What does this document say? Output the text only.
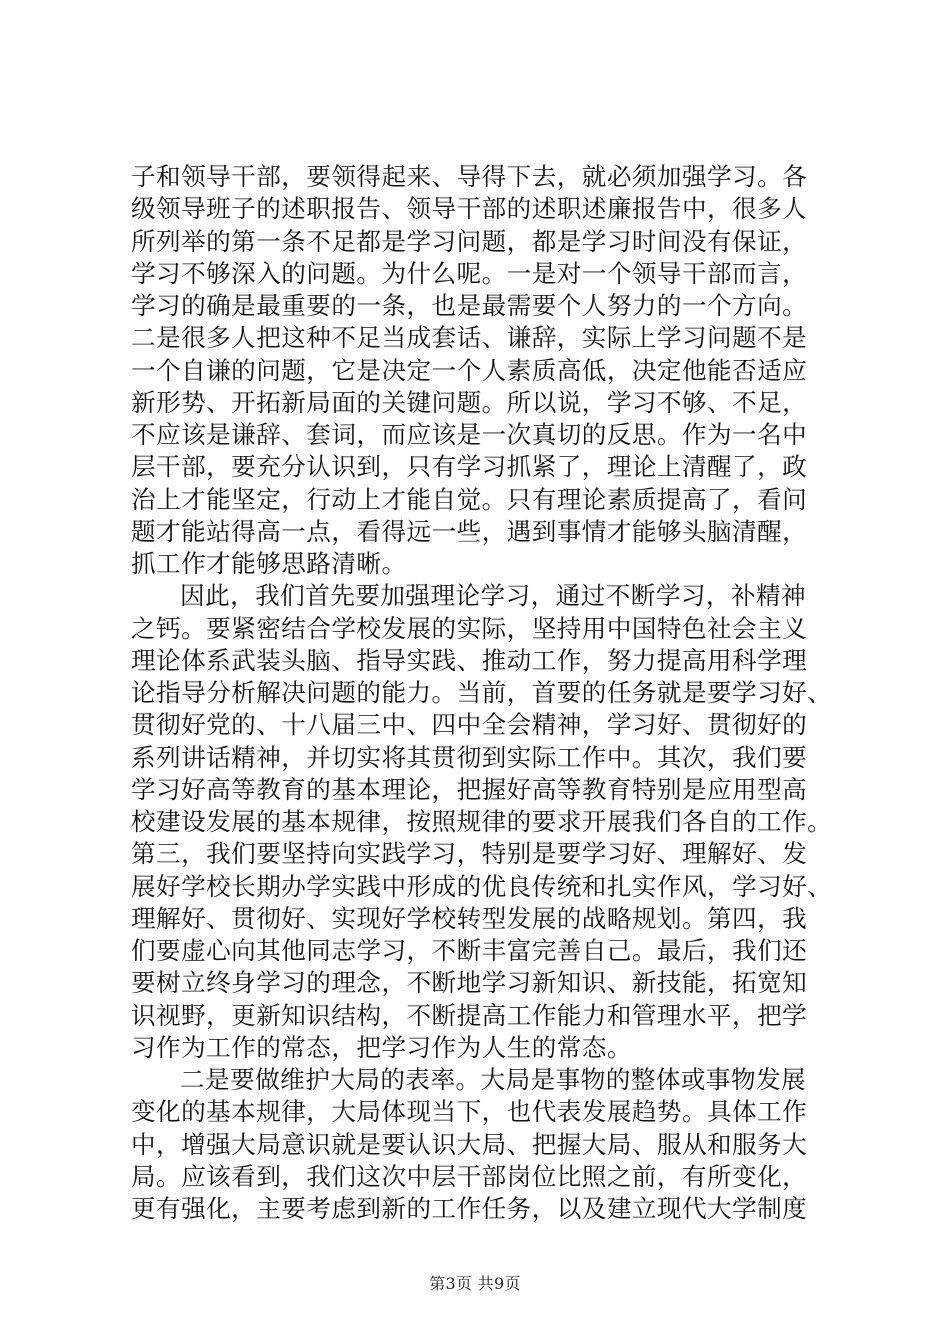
子和领导干部，要领得起来、导得下去，就必须加强学习。各
级领导班子的述职报告、领导干部的述职述廉报告中，很多人
所列举的第一条不足都是学习问题，都是学习时间没有保证，
学习不够深入的问题。为什么呢。一是对一个领导干部而言，
学习的确是最重要的一条，也是最需要个人努力的一个方向。
二是很多人把这种不足当成套话、谦辞，实际上学习问题不是
一个自谦的问题，它是决定一个人素质高低，决定他能否适应
新形势、开拓新局面的关键问题。所以说，学习不够、不足，
不应该是谦辞、套词，而应该是一次真切的反思。作为一名中
层干部，要充分认识到，只有学习抓紧了，理论上清醒了，政
治上才能坚定，行动上才能自觉。只有理论素质提高了，看问
题才能站得高一点，看得远一些，遇到事情才能够头脑清醒，
抓工作才能够思路清晰。
因此，我们首先要加强理论学习，通过不断学习，补精神
之钙。要紧密结合学校发展的实际，坚持用中国特色社会主义
理论体系武装头脑、指导实践、推动工作，努力提高用科学理
论指导分析解决问题的能力。当前，首要的任务就是要学习好、
贯彻好党的、十八届三中、四中全会精神，学习好、贯彻好的
系列讲话精神，并切实将其贯彻到实际工作中。其次，我们要
学习好高等教育的基本理论，把握好高等教育特别是应用型高
校建设发展的基本规律，按照规律的要求开展我们各自的工作。
第三，我们要坚持向实践学习，特别是要学习好、理解好、发
展好学校长期办学实践中形成的优良传统和扎实作风，学习好、
理解好、贯彻好、实现好学校转型发展的战略规划。第四，我
们要虚心向其他同志学习，不断丰富完善自己。最后，我们还
要树立终身学习的理念，不断地学习新知识、新技能，拓宽知
识视野，更新知识结构，不断提高工作能力和管理水平，把学
习作为工作的常态，把学习作为人生的常态。
二是要做维护大局的表率。大局是事物的整体或事物发展
变化的基本规律，大局体现当下，也代表发展趋势。具体工作
中，增强大局意识就是要认识大局、把握大局、服从和服务大
局。应该看到，我们这次中层干部岗位比照之前，有所变化，
更有强化，主要考虑到新的工作任务，以及建立现代大学制度
第3页 共9页
